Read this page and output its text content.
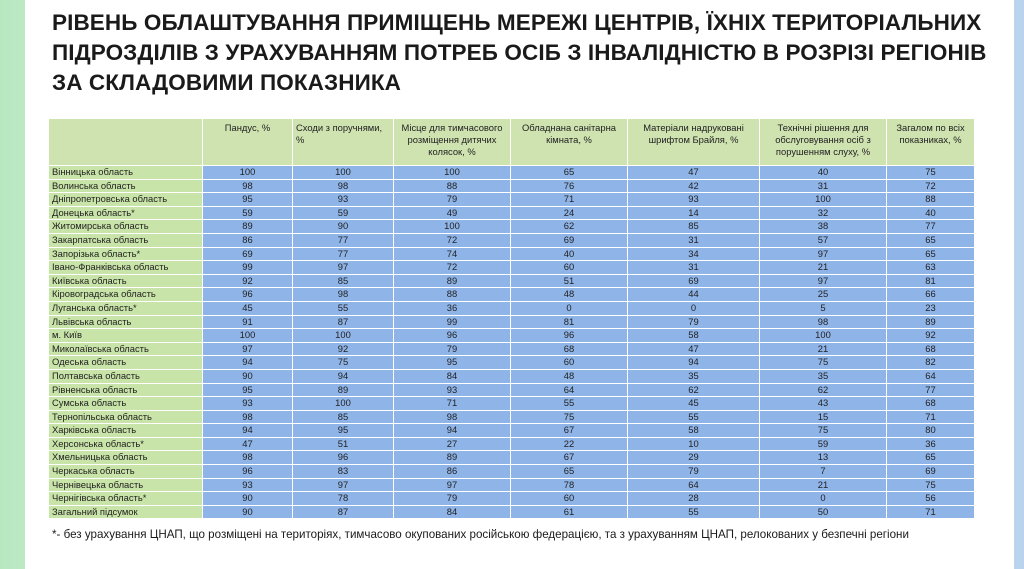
РІВЕНЬ ОБЛАШТУВАННЯ ПРИМІЩЕНЬ МЕРЕЖІ ЦЕНТРІВ, ЇХНІХ ТЕРИТОРІАЛЬНИХ ПІДРОЗДІЛІВ З УРАХУВАННЯМ ПОТРЕБ ОСІБ З ІНВАЛІДНІСТЮ В РОЗРІЗІ РЕГІОНІВ ЗА СКЛАДОВИМИ ПОКАЗНИКА
	Пандус, %	Сходи з поручнями, %	Місце для тимчасового розміщення дитячих колясок, %	Обладнана санітарна кімната, %	Матеріали надруковані шрифтом Брайля, %	Технічні рішення для обслуговування осіб з порушенням слуху, %	Загалом по всіх показниках, %
Вінницька область	100	100	100	65	47	40	75
Волинська область	98	98	88	76	42	31	72
Дніпропетровська область	95	93	79	71	93	100	88
Донецька область*	59	59	49	24	14	32	40
Житомирська область	89	90	100	62	85	38	77
Закарпатська область	86	77	72	69	31	57	65
Запорізька область*	69	77	74	40	34	97	65
Івано-Франківська область	99	97	72	60	31	21	63
Київська область	92	85	89	51	69	97	81
Кіровоградська область	96	98	88	48	44	25	66
Луганська область*	45	55	36	0	0	5	23
Львівська область	91	87	99	81	79	98	89
м. Київ	100	100	96	96	58	100	92
Миколаївська область	97	92	79	68	47	21	68
Одеська область	94	75	95	60	94	75	82
Полтавська область	90	94	84	48	35	35	64
Рівненська область	95	89	93	64	62	62	77
Сумська область	93	100	71	55	45	43	68
Тернопільська область	98	85	98	75	55	15	71
Харківська область	94	95	94	67	58	75	80
Херсонська область*	47	51	27	22	10	59	36
Хмельницька область	98	96	89	67	29	13	65
Черкаська область	96	83	86	65	79	7	69
Чернівецька область	93	97	97	78	64	21	75
Чернігівська область*	90	78	79	60	28	0	56
Загальний підсумок	90	87	84	61	55	50	71
*- без урахування ЦНАП, що розміщені на територіях, тимчасово окупованих російською федерацією, та з урахуванням ЦНАП, релокованих у безпечні регіони
